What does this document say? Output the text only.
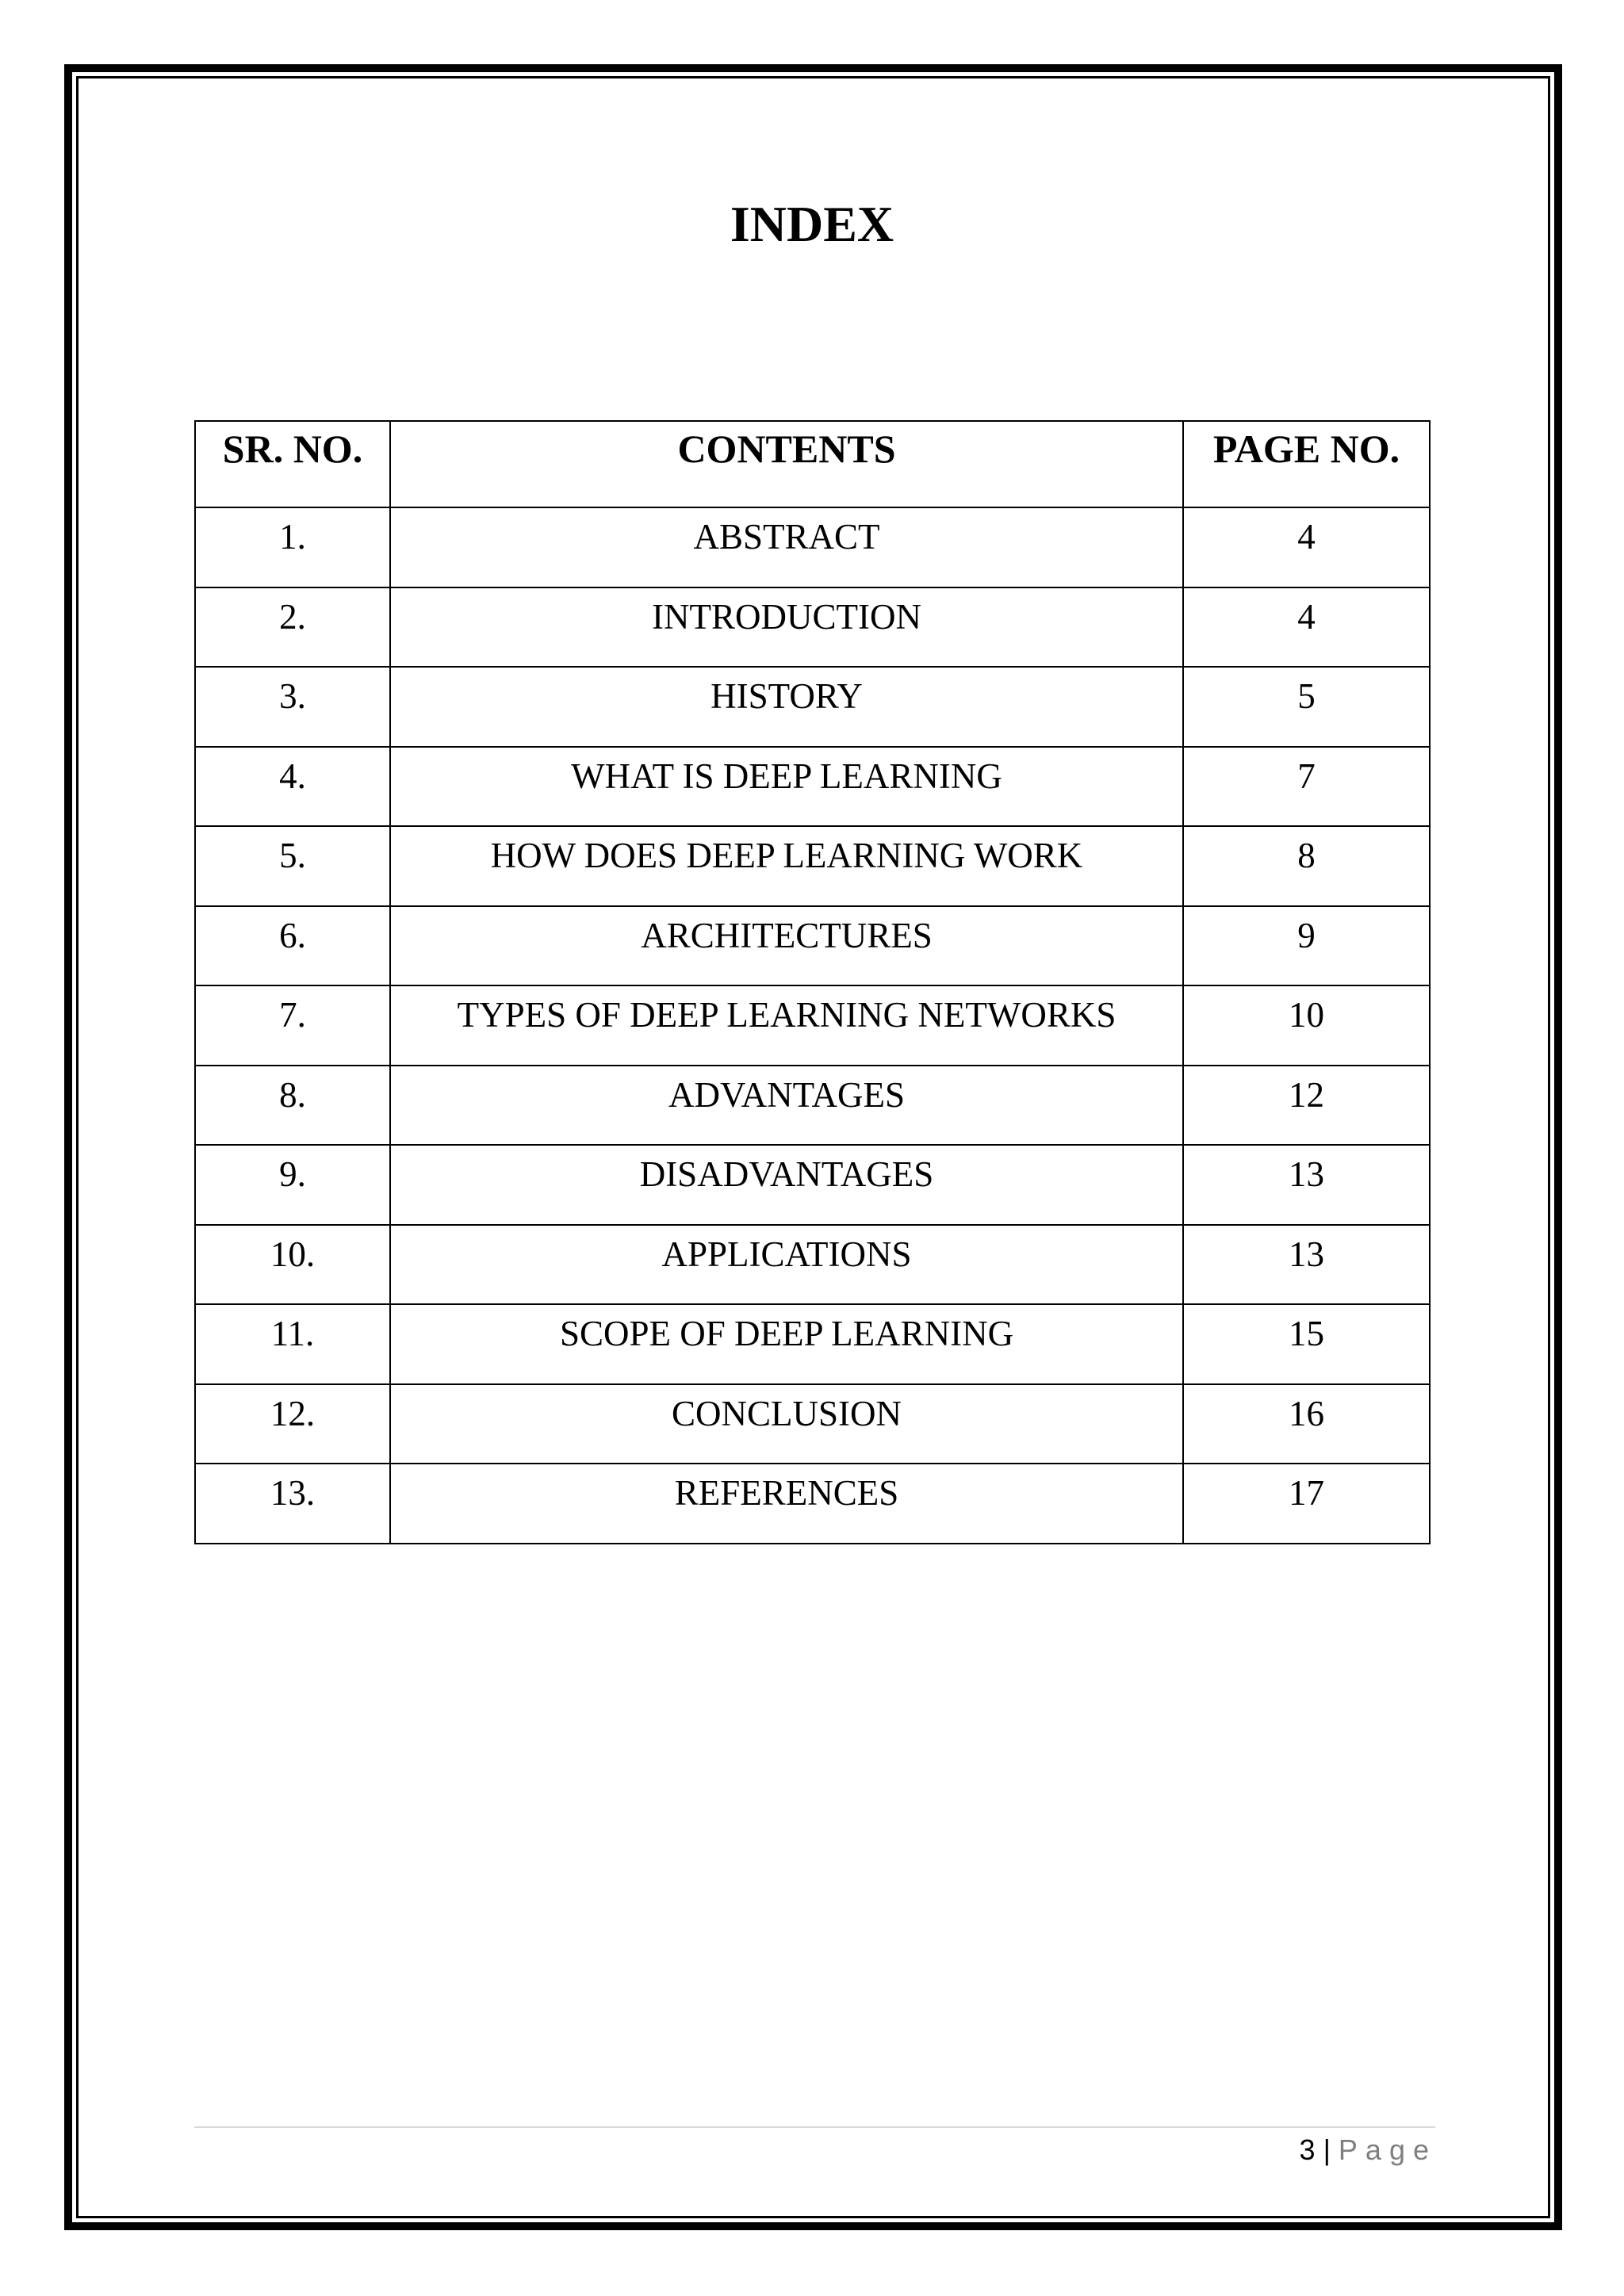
INDEX
SR. NO.	CONTENTS	PAGE NO.
1.	ABSTRACT	4
2.	INTRODUCTION	4
3.	HISTORY	5
4.	WHAT IS DEEP LEARNING	7
5.	HOW DOES DEEP LEARNING WORK	8
6.	ARCHITECTURES	9
7.	TYPES OF DEEP LEARNING NETWORKS	10
8.	ADVANTAGES	12
9.	DISADVANTAGES	13
10.	APPLICATIONS	13
11.	SCOPE OF DEEP LEARNING	15
12.	CONCLUSION	16
13.	REFERENCES	17
3 | Page
